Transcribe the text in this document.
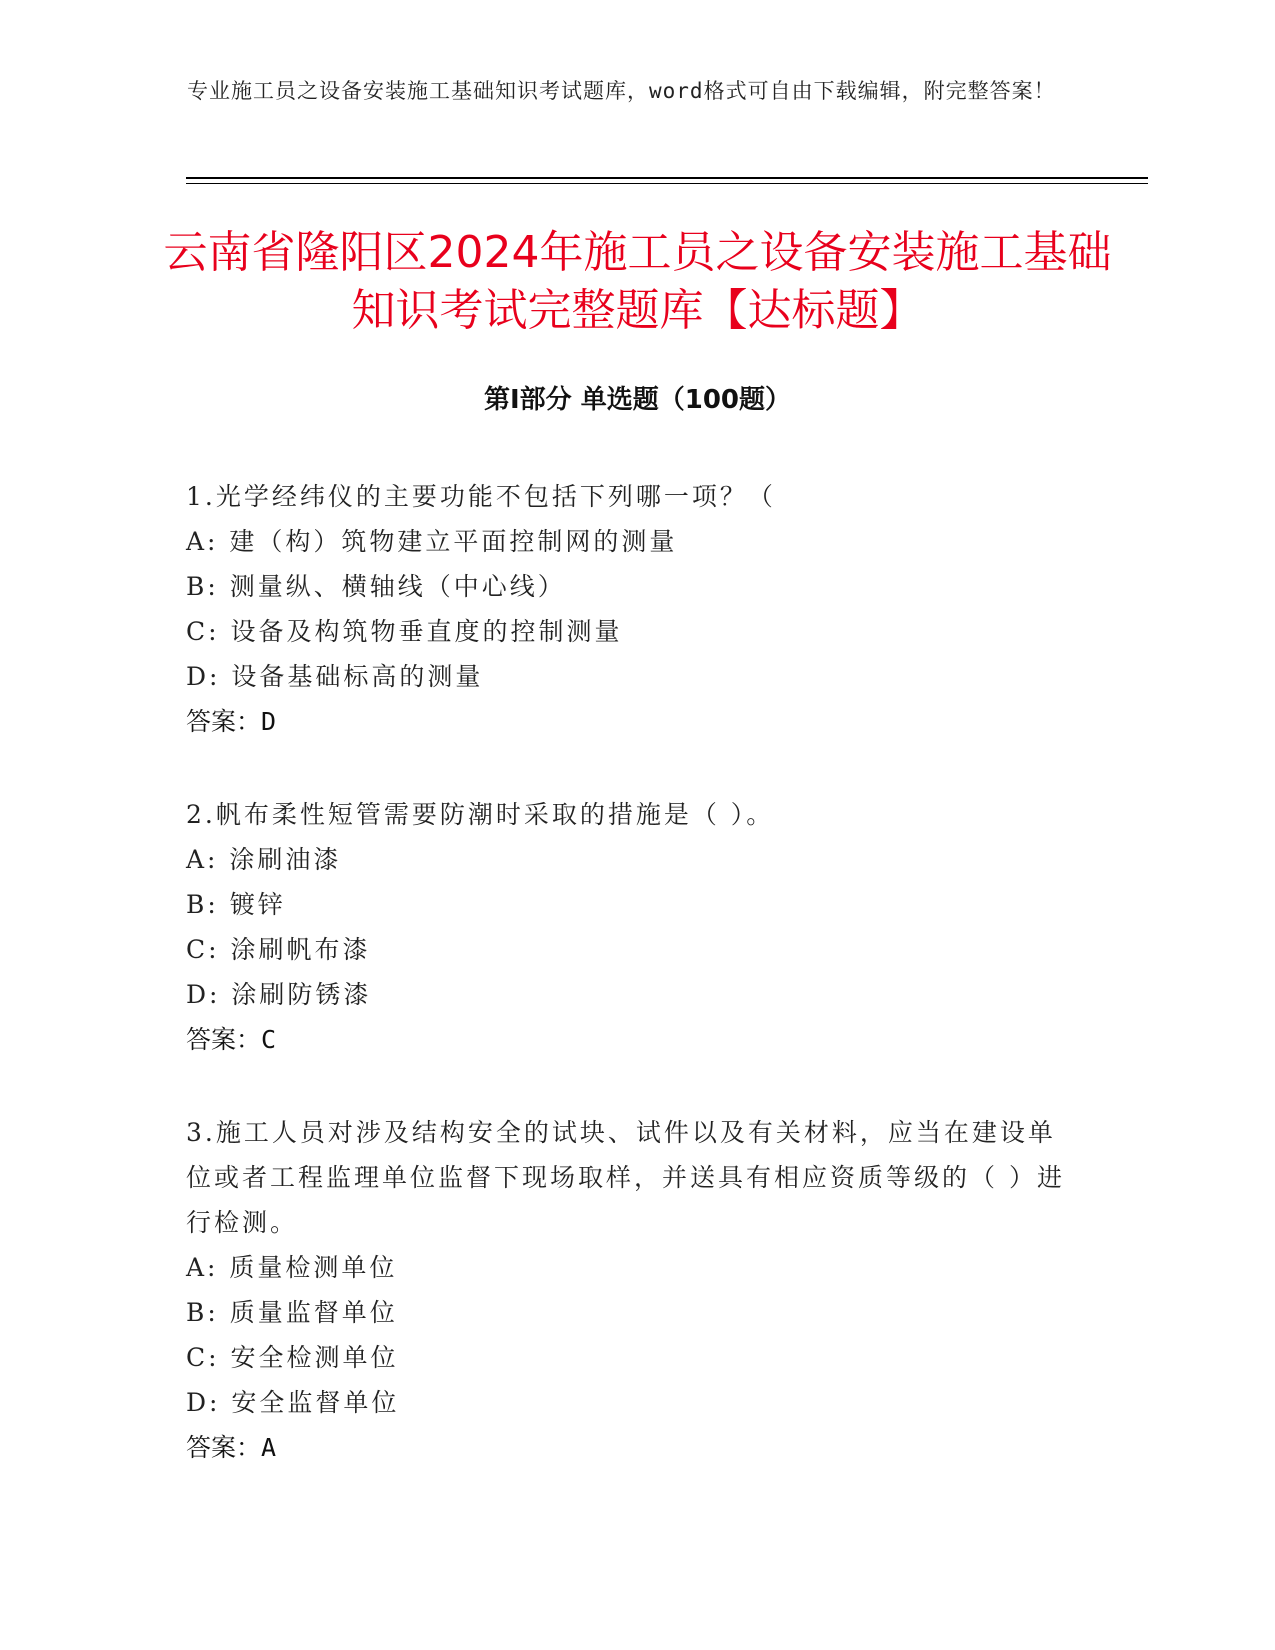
专业施工员之设备安装施工基础知识考试题库，word格式可自由下载编辑，附完整答案！
云南省隆阳区2024年施工员之设备安装施工基础知识考试完整题库【达标题】
第Ⅰ部分 单选题（100题）

1.光学经纬仪的主要功能不包括下列哪一项？（

A: 建（构）筑物建立平面控制网的测量

B: 测量纵、横轴线（中心线）

C: 设备及构筑物垂直度的控制测量

D: 设备基础标高的测量

答案：D

2.帆布柔性短管需要防潮时采取的措施是（ ）。

A: 涂刷油漆

B: 镀锌

C: 涂刷帆布漆

D: 涂刷防锈漆

答案：C

3.施工人员对涉及结构安全的试块、试件以及有关材料，应当在建设单位或者工程监理单位监督下现场取样，并送具有相应资质等级的（ ）进行检测。

A: 质量检测单位

B: 质量监督单位

C: 安全检测单位

D: 安全监督单位

答案：A
